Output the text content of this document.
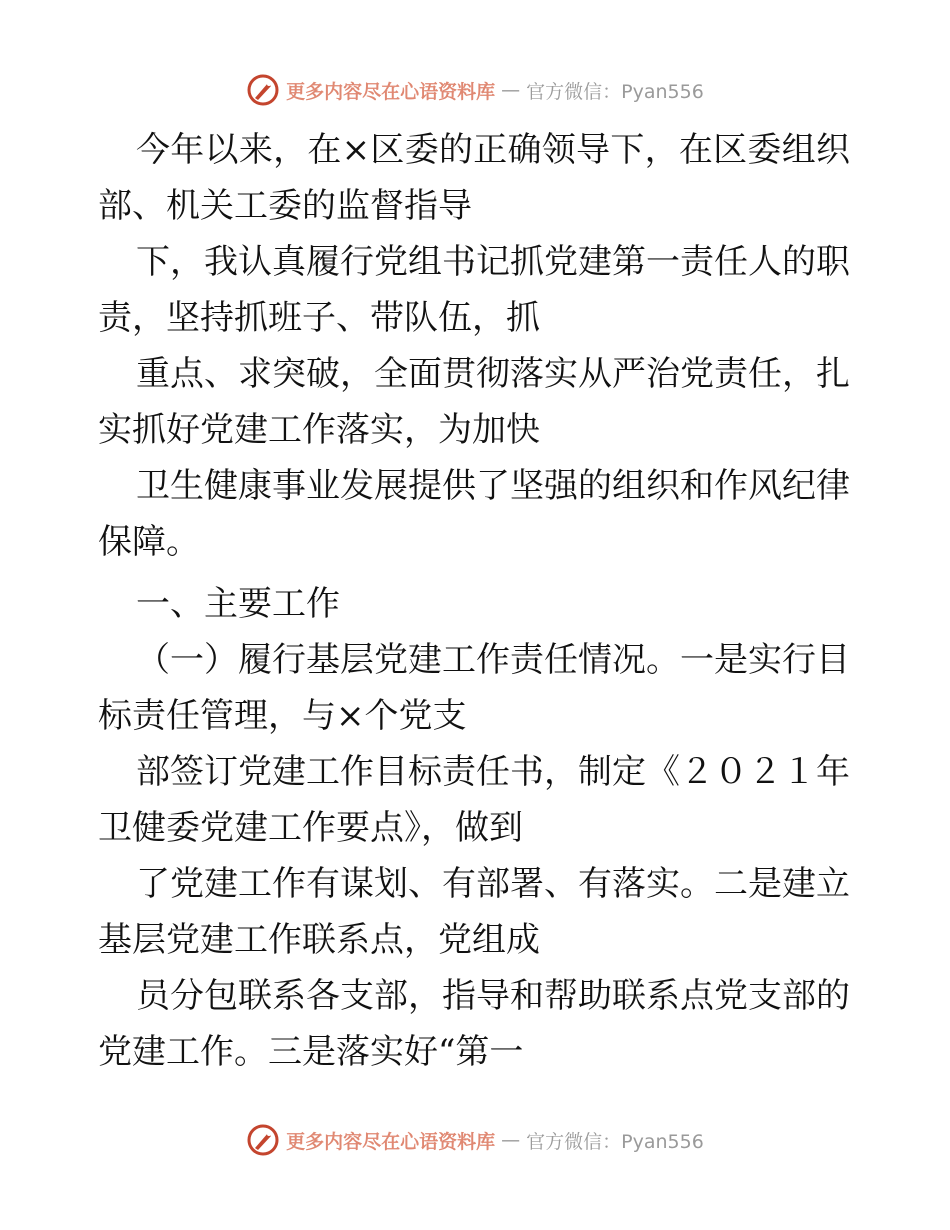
更多内容尽在心语资料库 — 官方微信：Pyan556
今年以来，在×区委的正确领导下，在区委组织
部、机关工委的监督指导
下，我认真履行党组书记抓党建第一责任人的职
责，坚持抓班子、带队伍，抓
重点、求突破，全面贯彻落实从严治党责任，扎
实抓好党建工作落实，为加快
卫生健康事业发展提供了坚强的组织和作风纪律
保障。
一、主要工作
（一）履行基层党建工作责任情况。一是实行目
标责任管理，与×个党支
部签订党建工作目标责任书，制定《２０２１年
卫健委党建工作要点》，做到
了党建工作有谋划、有部署、有落实。二是建立
基层党建工作联系点，党组成
员分包联系各支部，指导和帮助联系点党支部的
党建工作。三是落实好“第一
更多内容尽在心语资料库 — 官方微信：Pyan556
